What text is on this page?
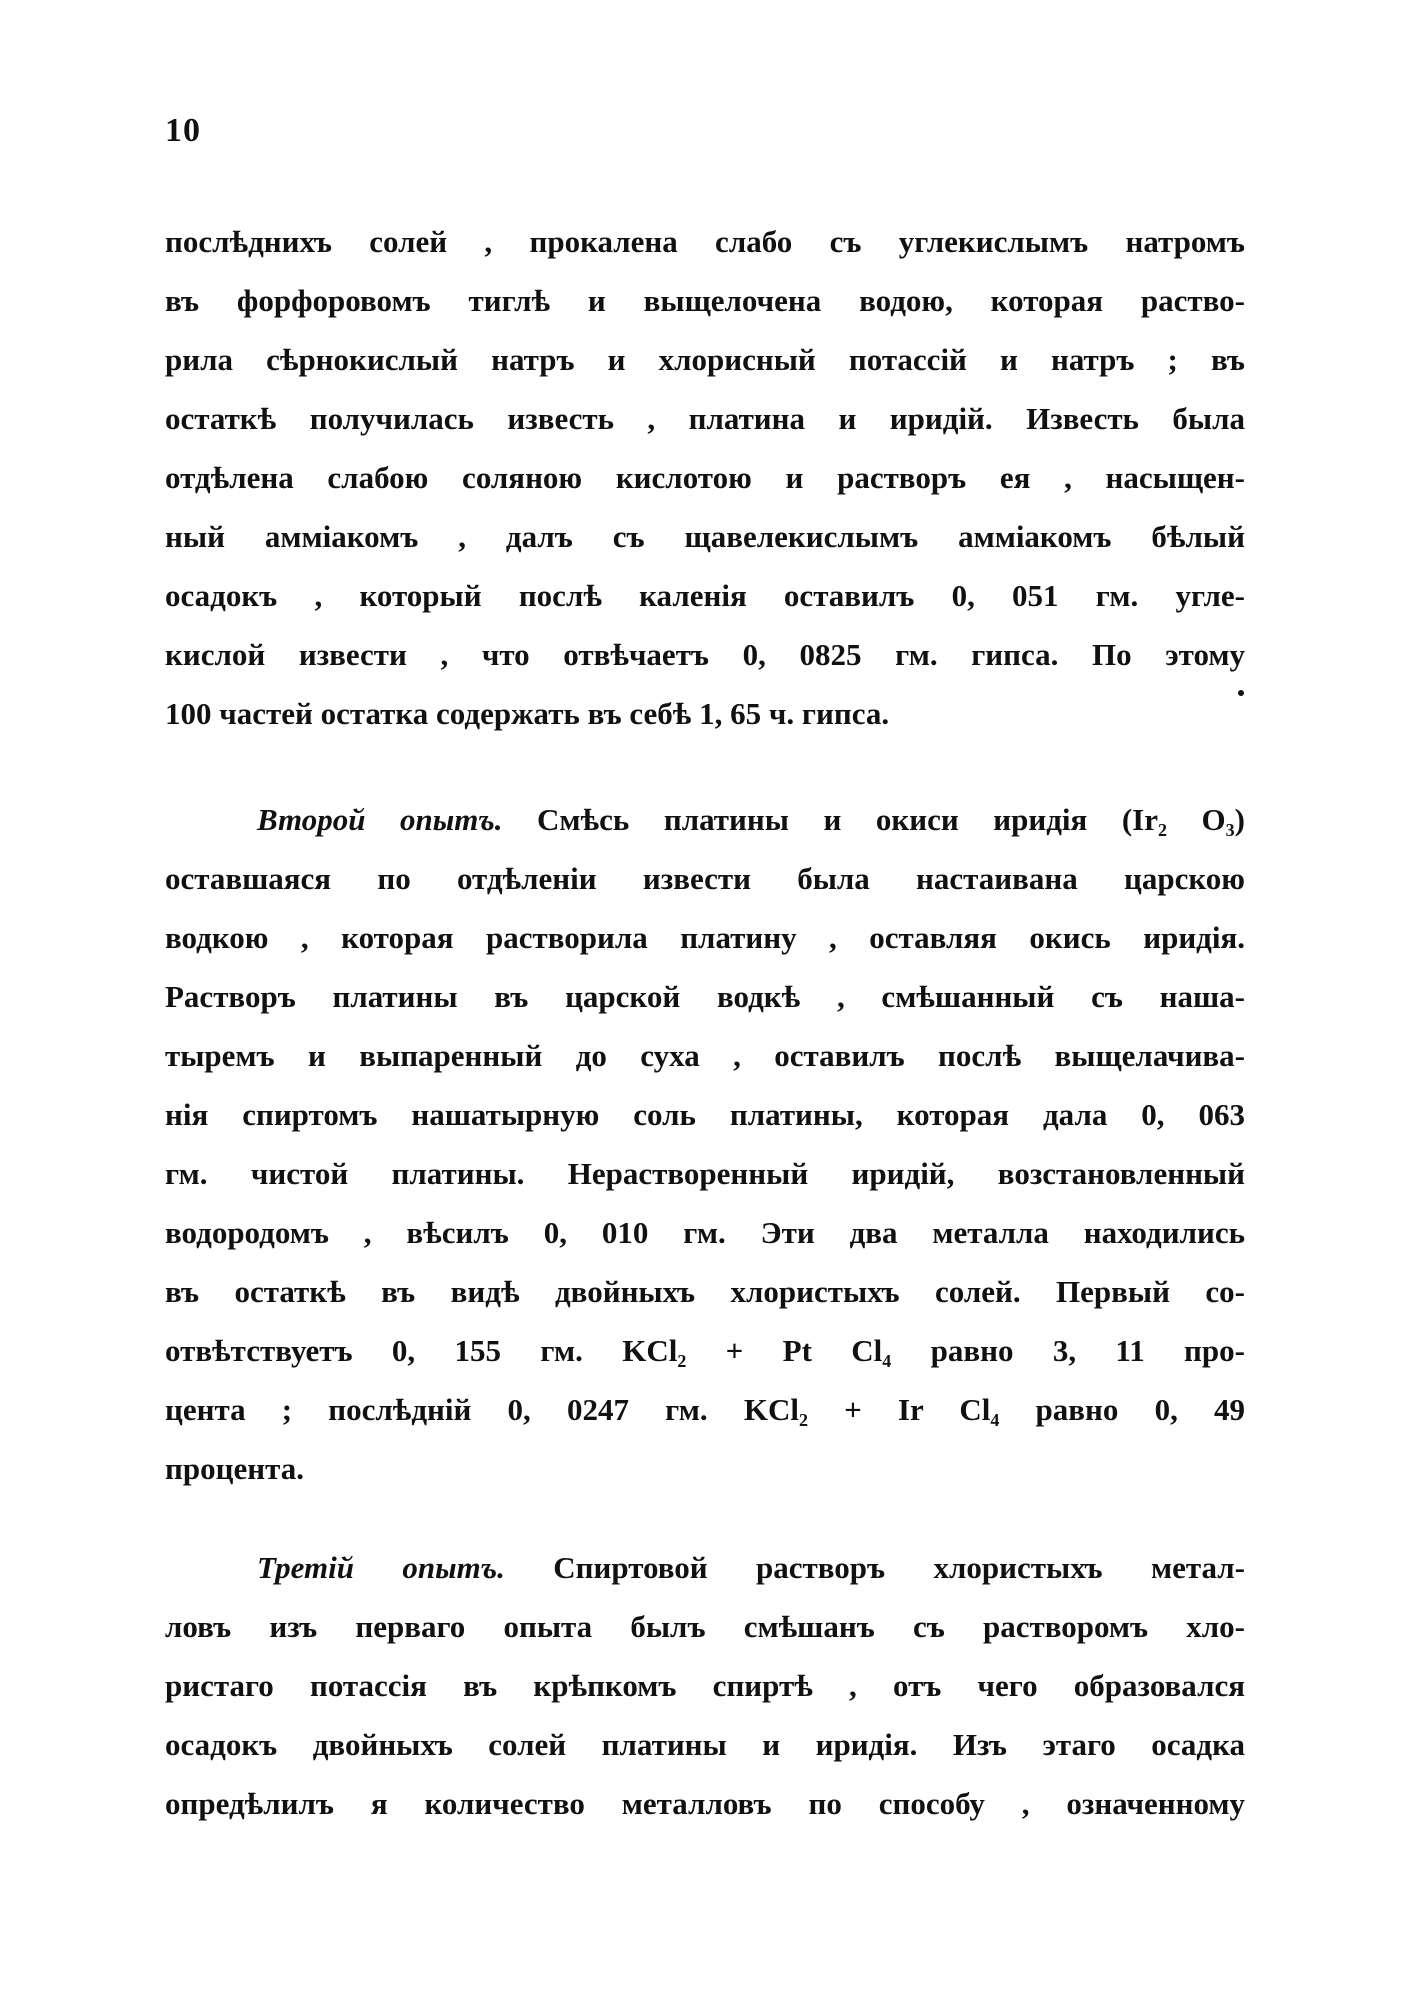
10
послѣднихъ солей , прокалена слабо съ углекислымъ натромъ
въ форфоровомъ тиглѣ и выщелочена водою, которая раство-
рила сѣрнокислый натръ и хлорисный потассій и натръ ; въ
остаткѣ получилась известь , платина и иридій. Известь была
отдѣлена слабою соляною кислотою и растворъ ея , насыщен-
ный аммiакомъ , далъ съ щавелекислымъ аммiакомъ бѣлый
осадокъ , который послѣ каленія оставилъ 0, 051 гм. угле-
кислой извести , что отвѣчаетъ 0, 0825 гм. гипса. По этому
100 частей остатка содержать въ себѣ 1, 65 ч. гипса.
Второй опытъ. Смѣсь платины и окиси иридія ($Ir_2$ $O_3$)
оставшаяся по отдѣленіи извести была настаивана царскою
водкою , которая растворила платину , оставляя окись иридія.
Растворъ платины въ царской водкѣ , смѣшанный съ нашa-
тыремъ и выпаренный до суха , оставилъ послѣ выщелачива-
нія спиртомъ нашатырную соль платины, которая дала 0, 063
гм. чистой платины. Нерастворенный иридій, возстановленный
водородомъ , вѣсилъ 0, 010 гм. Эти два металла находились
въ остаткѣ въ видѣ двойныхъ хлористыхъ солей. Первый со-
отвѣтствуетъ 0, 155 гм. KCl$_2$ + Pt $Cl_4$ равно 3, 11 про-
цента ; послѣдній 0, 0247 гм. KCl$_2$ + Ir $Cl_4$ равно 0, 49
процента.
Третій опытъ. Спиртовой растворъ хлористыхъ метал-
ловъ изъ перваго опыта былъ смѣшанъ съ растворомъ хло-
ристаго потассія въ крѣпкомъ спиртѣ , отъ чего образовался
осадокъ двойныхъ солей платины и иридія. Изъ этаго осадка
опредѣлилъ я количество металловъ по способу , означенному
